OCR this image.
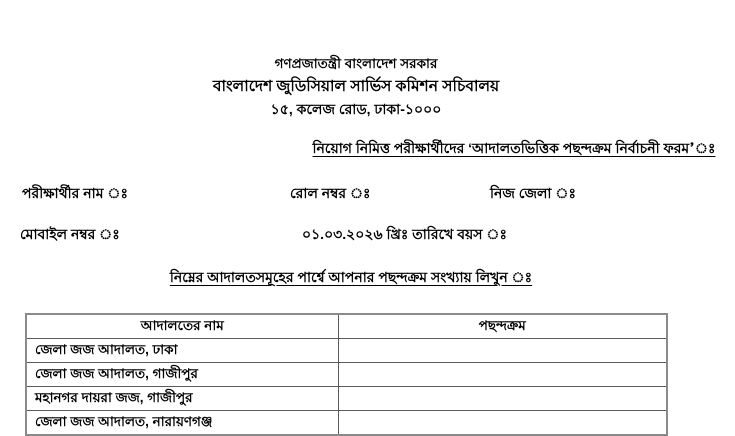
গণপ্রজাতন্ত্রী বাংলাদেশ সরকার
বাংলাদেশ জুডিসিয়াল সার্ভিস কমিশন সচিবালয়
১৫, কলেজ রোড, ঢাকা-১০০০
নিয়োগ নিমিত্ত পরীক্ষার্থীদের ‘আদালতভিত্তিক পছন্দক্রম নির্বাচনী ফরম’ঃ
পরীক্ষার্থীর নাম ঃ	রোল নম্বর ঃ	নিজ জেলা ঃ
মোবাইল নম্বর ঃ	০১.০৩.২০২৬ খ্রিঃ তারিখে বয়স ঃ
নিম্নের আদালতসমূহের পার্শ্বে আপনার পছন্দক্রম সংখ্যায় লিখুন ঃ
আদালতের নাম	পছন্দক্রম
জেলা জজ আদালত, ঢাকা	
জেলা জজ আদালত, গাজীপুর	
মহানগর দায়রা জজ, গাজীপুর	
জেলা জজ আদালত, নারায়ণগঞ্জ	
